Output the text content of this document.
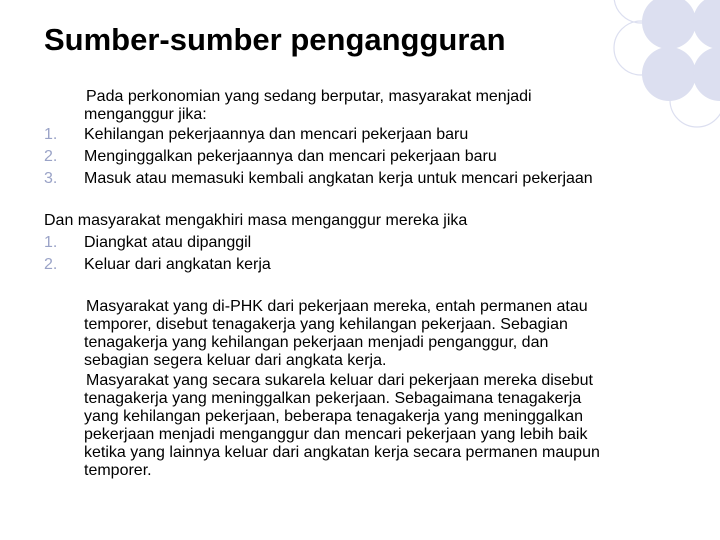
Sumber-sumber pengangguran
Pada perkonomian yang sedang berputar, masyarakat menjadi
menganggur jika:
1. Kehilangan pekerjaannya dan mencari pekerjaan baru
2. Menginggalkan pekerjaannya dan mencari pekerjaan baru
3. Masuk atau memasuki kembali angkatan kerja untuk mencari pekerjaan
Dan masyarakat mengakhiri masa menganggur mereka jika
1. Diangkat atau dipanggil
2. Keluar dari angkatan kerja
Masyarakat yang di-PHK dari pekerjaan mereka, entah permanen atau
temporer, disebut tenagakerja yang kehilangan pekerjaan. Sebagian
tenagakerja yang kehilangan pekerjaan menjadi penganggur, dan
sebagian segera keluar dari angkata kerja.
Masyarakat yang secara sukarela keluar dari pekerjaan mereka disebut
tenagakerja yang meninggalkan pekerjaan. Sebagaimana tenagakerja
yang kehilangan pekerjaan, beberapa tenagakerja yang meninggalkan
pekerjaan menjadi menganggur dan mencari pekerjaan yang lebih baik
ketika yang lainnya keluar dari angkatan kerja secara permanen maupun
temporer.
